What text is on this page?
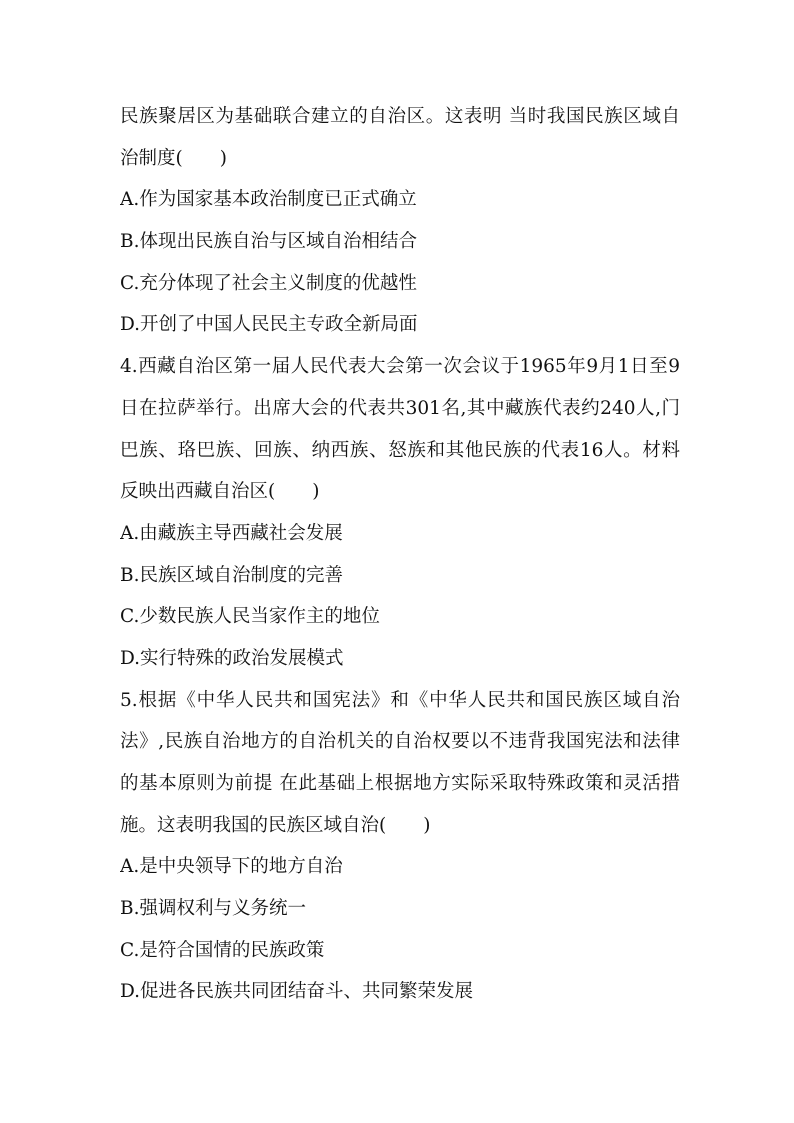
民族聚居区为基础联合建立的自治区。这表明 当时我国民族区域自
治制度(　　)
A.作为国家基本政治制度已正式确立
B.体现出民族自治与区域自治相结合
C.充分体现了社会主义制度的优越性
D.开创了中国人民民主专政全新局面
4.西藏自治区第一届人民代表大会第一次会议于1965年9月1日至9
日在拉萨举行。出席大会的代表共301名,其中藏族代表约240人,门
巴族、珞巴族、回族、纳西族、怒族和其他民族的代表16人。材料
反映出西藏自治区(　　)
A.由藏族主导西藏社会发展
B.民族区域自治制度的完善
C.少数民族人民当家作主的地位
D.实行特殊的政治发展模式
5.根据《中华人民共和国宪法》和《中华人民共和国民族区域自治
法》,民族自治地方的自治机关的自治权要以不违背我国宪法和法律
的基本原则为前提 在此基础上根据地方实际采取特殊政策和灵活措
施。这表明我国的民族区域自治(　　)
A.是中央领导下的地方自治
B.强调权利与义务统一
C.是符合国情的民族政策
D.促进各民族共同团结奋斗、共同繁荣发展
